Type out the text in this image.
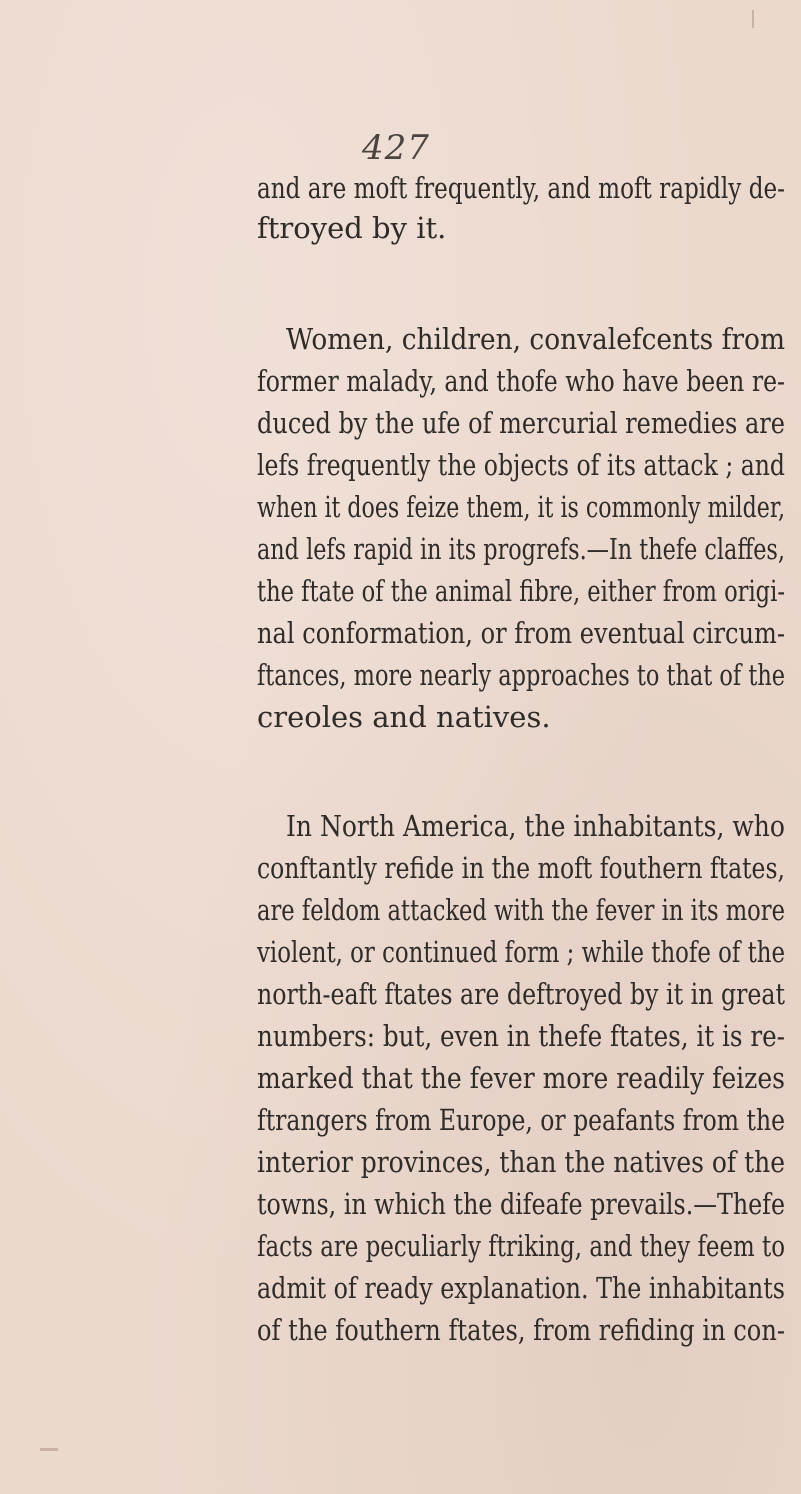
427
and are moft frequently, and moft rapidly de-
ftroyed by it.
Women, children, convalefcents from
former malady, and thofe who have been re-
duced by the ufe of mercurial remedies are
lefs frequently the objects of its attack ; and
when it does feize them, it is commonly milder,
and lefs rapid in its progrefs.—In thefe claffes,
the ftate of the animal fibre, either from origi-
nal conformation, or from eventual circum-
ftances, more nearly approaches to that of the
creoles and natives.
In North America, the inhabitants, who
conftantly refide in the moft fouthern ftates,
are feldom attacked with the fever in its more
violent, or continued form ; while thofe of the
north-eaft ftates are deftroyed by it in great
numbers: but, even in thefe ftates, it is re-
marked that the fever more readily feizes
ftrangers from Europe, or peafants from the
interior provinces, than the natives of the
towns, in which the difeafe prevails.—Thefe
facts are peculiarly ftriking, and they feem to
admit of ready explanation. The inhabitants
of the fouthern ftates, from refiding in con-
